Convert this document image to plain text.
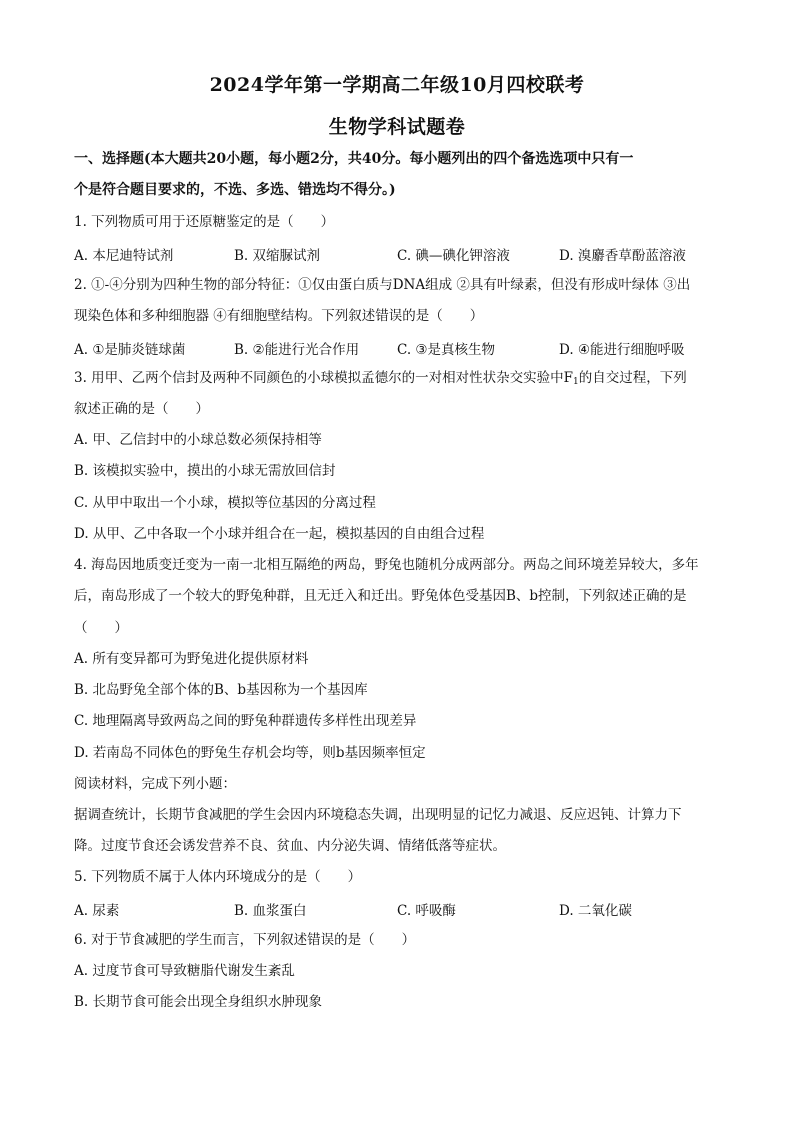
2024学年第一学期高二年级10月四校联考
生物学科试题卷

一、选择题(本大题共20小题，每小题2分，共40分。每小题列出的四个备选选项中只有一

个是符合题目要求的，不选、多选、错选均不得分。)

1. 下列物质可用于还原糖鉴定的是（　　）

A. 本尼迪特试剂	B. 双缩脲试剂	C. 碘—碘化钾溶液	D. 溴麝香草酚蓝溶液

2. ①-④分别为四种生物的部分特征：①仅由蛋白质与DNA组成 ②具有叶绿素，但没有形成叶绿体 ③出

现染色体和多种细胞器 ④有细胞壁结构。下列叙述错误的是（　　）

A. ①是肺炎链球菌	B. ②能进行光合作用	C. ③是真核生物	D. ④能进行细胞呼吸

3. 用甲、乙两个信封及两种不同颜色的小球模拟孟德尔的一对相对性状杂交实验中$F_1$的自交过程，下列

叙述正确的是（　　）

A. 甲、乙信封中的小球总数必须保持相等

B. 该模拟实验中，摸出的小球无需放回信封

C. 从甲中取出一个小球，模拟等位基因的分离过程

D. 从甲、乙中各取一个小球并组合在一起，模拟基因的自由组合过程

4. 海岛因地质变迁变为一南一北相互隔绝的两岛，野兔也随机分成两部分。两岛之间环境差异较大，多年

后，南岛形成了一个较大的野兔种群，且无迁入和迁出。野兔体色受基因B、b控制，下列叙述正确的是

（　　）

A. 所有变异都可为野兔进化提供原材料

B. 北岛野兔全部个体的B、b基因称为一个基因库

C. 地理隔离导致两岛之间的野兔种群遗传多样性出现差异

D. 若南岛不同体色的野兔生存机会均等，则b基因频率恒定

阅读材料，完成下列小题：

据调查统计，长期节食减肥的学生会因内环境稳态失调，出现明显的记忆力减退、反应迟钝、计算力下

降。过度节食还会诱发营养不良、贫血、内分泌失调、情绪低落等症状。

5. 下列物质不属于人体内环境成分的是（　　）

A. 尿素	B. 血浆蛋白	C. 呼吸酶	D. 二氧化碳

6. 对于节食减肥的学生而言，下列叙述错误的是（　　）

A. 过度节食可导致糖脂代谢发生紊乱

B. 长期节食可能会出现全身组织水肿现象
